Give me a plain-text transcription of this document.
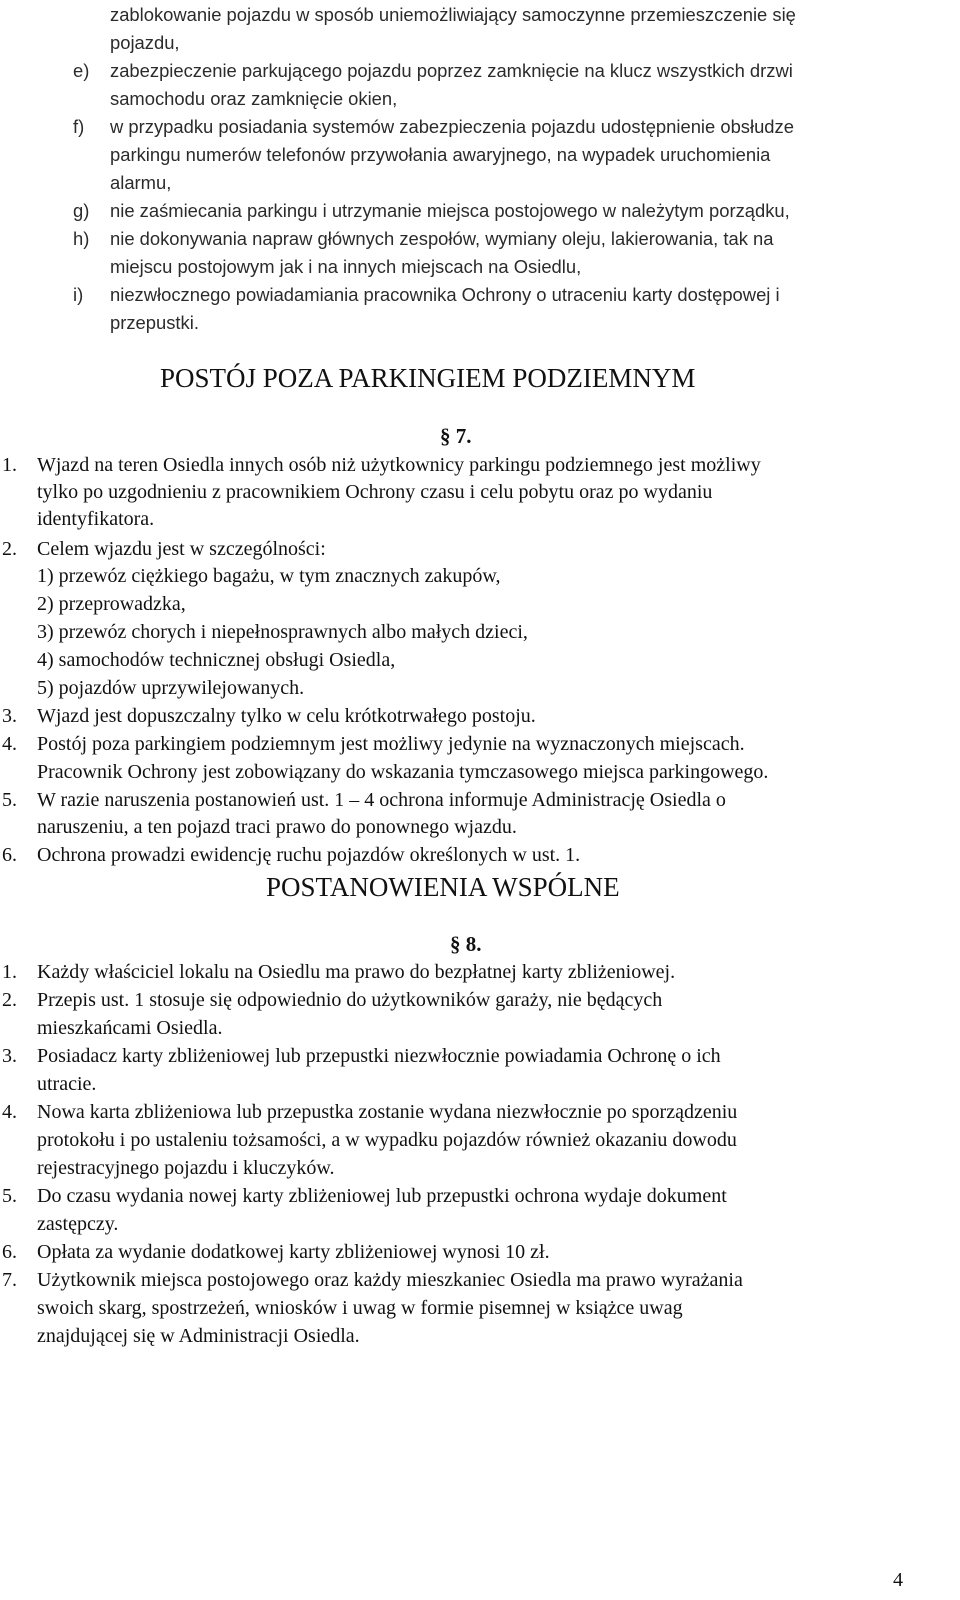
zablokowanie pojazdu w sposób uniemożliwiający samoczynne przemieszczenie się
pojazdu,
e) zabezpieczenie parkującego pojazdu poprzez zamknięcie na klucz wszystkich drzwi
samochodu oraz zamknięcie okien,
f) w przypadku posiadania systemów zabezpieczenia pojazdu udostępnienie obsłudze
parkingu numerów telefonów przywołania awaryjnego, na wypadek uruchomienia
alarmu,
g) nie zaśmiecania parkingu i utrzymanie miejsca postojowego w należytym porządku,
h) nie dokonywania napraw głównych zespołów, wymiany oleju, lakierowania, tak na
miejscu postojowym jak i na innych miejscach na Osiedlu,
i) niezwłocznego powiadamiania pracownika Ochrony o utraceniu karty dostępowej i
przepustki.
POSTÓJ POZA PARKINGIEM PODZIEMNYM
§ 7.
1. Wjazd na teren Osiedla innych osób niż użytkownicy parkingu podziemnego jest możliwy
tylko po uzgodnieniu z pracownikiem Ochrony czasu i celu pobytu oraz po wydaniu
identyfikatora.
2. Celem wjazdu jest w szczególności:
1) przewóz ciężkiego bagażu, w tym znacznych zakupów,
2) przeprowadzka,
3) przewóz chorych i niepełnosprawnych albo małych dzieci,
4) samochodów technicznej obsługi Osiedla,
5) pojazdów uprzywilejowanych.
3. Wjazd jest dopuszczalny tylko w celu krótkotrwałego postoju.
4. Postój poza parkingiem podziemnym jest możliwy jedynie na wyznaczonych miejscach.
Pracownik Ochrony jest zobowiązany do wskazania tymczasowego miejsca parkingowego.
5. W razie naruszenia postanowień ust. 1 – 4 ochrona informuje Administrację Osiedla o
naruszeniu, a ten pojazd traci prawo do ponownego wjazdu.
6. Ochrona prowadzi ewidencję ruchu pojazdów określonych w ust. 1.
POSTANOWIENIA WSPÓLNE
§ 8.
1. Każdy właściciel lokalu na Osiedlu ma prawo do bezpłatnej karty zbliżeniowej.
2. Przepis ust. 1 stosuje się odpowiednio do użytkowników garaży, nie będących
mieszkańcami Osiedla.
3. Posiadacz karty zbliżeniowej lub przepustki niezwłocznie powiadamia Ochronę o ich
utracie.
4. Nowa karta zbliżeniowa lub przepustka zostanie wydana niezwłocznie po sporządzeniu
protokołu i po ustaleniu tożsamości, a w wypadku pojazdów również okazaniu dowodu
rejestracyjnego pojazdu i kluczyków.
5. Do czasu wydania nowej karty zbliżeniowej lub przepustki ochrona wydaje dokument
zastępczy.
6. Opłata za wydanie dodatkowej karty zbliżeniowej wynosi 10 zł.
7. Użytkownik miejsca postojowego oraz każdy mieszkaniec Osiedla ma prawo wyrażania
swoich skarg, spostrzeżeń, wniosków i uwag w formie pisemnej w książce uwag
znajdującej się w Administracji Osiedla.
4
